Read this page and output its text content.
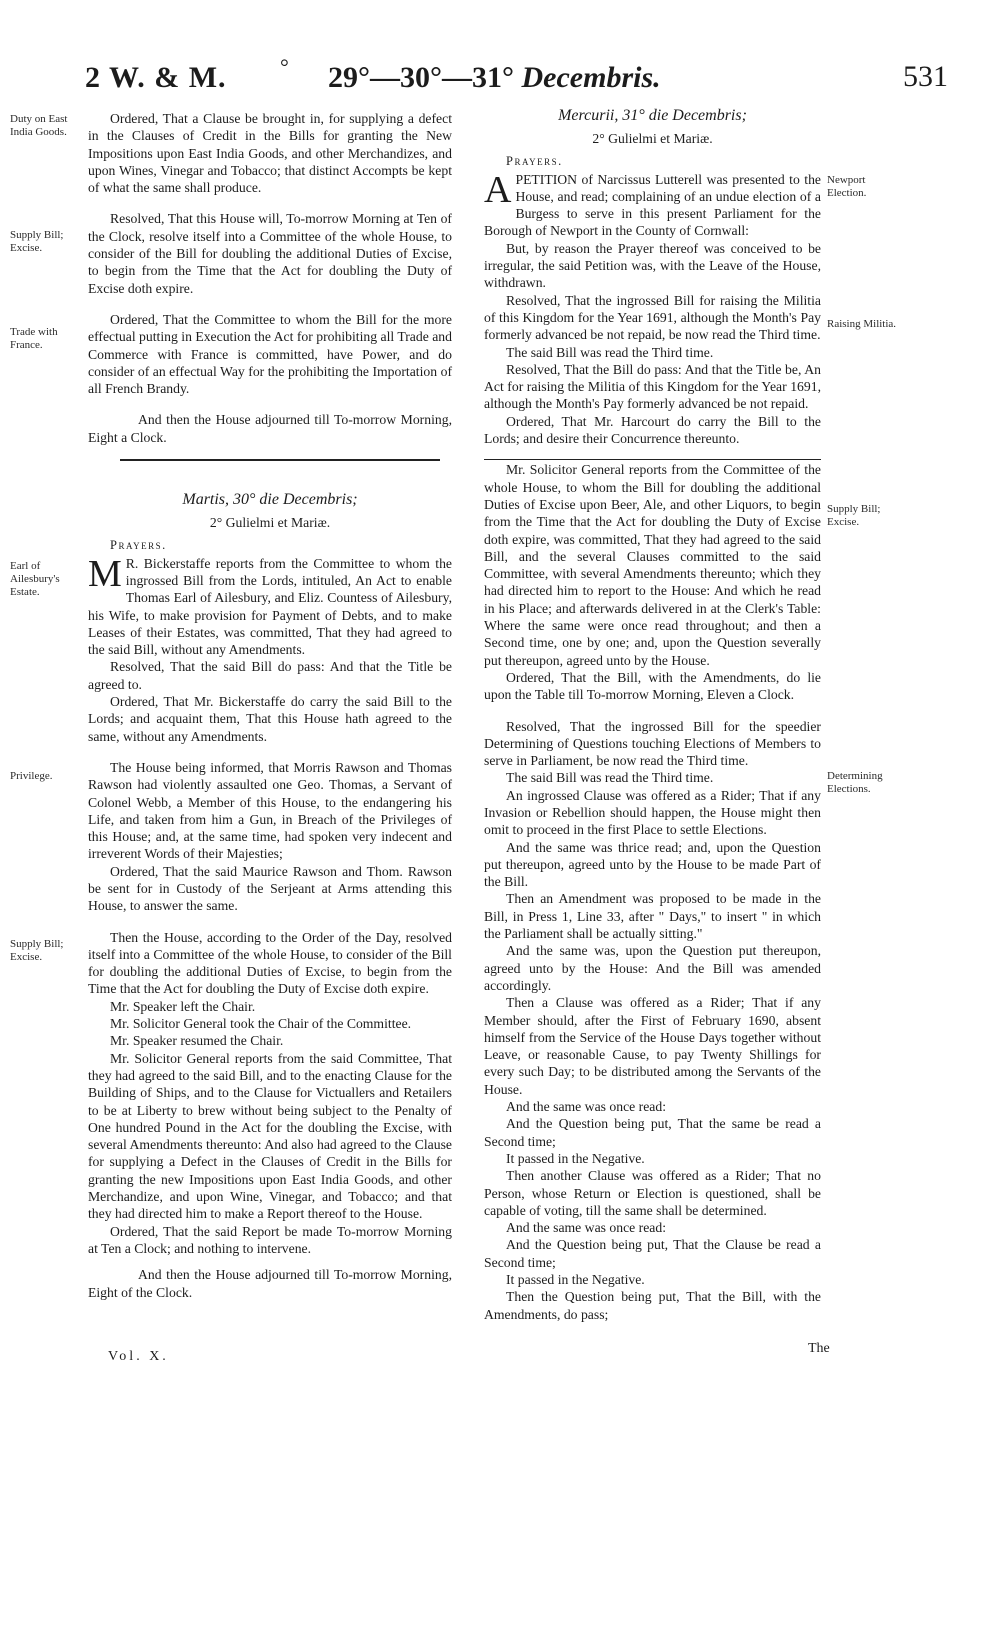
2 W. & M. ° 29°—30°—31° Decembris.	531
Duty on East India Goods.
Supply Bill; Excise.
Trade with France.
Earl of Ailesbury's Estate.
Privilege.
Supply Bill; Excise.
Newport Election.
Raising Militia.
Supply Bill; Excise.
Determining Elections.

Ordered, That a Clause be brought in, for supplying a defect in the Clauses of Credit in the Bills for granting the New Impositions upon East India Goods, and other Merchandizes, and upon Wines, Vinegar and Tobacco; that distinct Accompts be kept of what the same shall produce.

Resolved, That this House will, To-morrow Morning at Ten of the Clock, resolve itself into a Committee of the whole House, to consider of the Bill for doubling the additional Duties of Excise, to begin from the Time that the Act for doubling the Duty of Excise doth expire.

Ordered, That the Committee to whom the Bill for the more effectual putting in Execution the Act for prohibiting all Trade and Commerce with France is committed, have Power, and do consider of an effectual Way for the prohibiting the Importation of all French Brandy.

And then the House adjourned till To-morrow Morning, Eight a Clock.

Martis, 30° die Decembris;

2° Gulielmi et Mariæ.

Prayers.

M R. Bickerstaffe reports from the Committee to whom the ingrossed Bill from the Lords, intituled, An Act to enable Thomas Earl of Ailesbury, and Eliz. Countess of Ailesbury, his Wife, to make provision for Payment of Debts, and to make Leases of their Estates, was committed, That they had agreed to the said Bill, without any Amendments.

Resolved, That the said Bill do pass: And that the Title be agreed to.

Ordered, That Mr. Bickerstaffe do carry the said Bill to the Lords; and acquaint them, That this House hath agreed to the same, without any Amendments.

The House being informed, that Morris Rawson and Thomas Rawson had violently assaulted one Geo. Thomas, a Servant of Colonel Webb, a Member of this House, to the endangering his Life, and taken from him a Gun, in Breach of the Privileges of this House; and, at the same time, had spoken very indecent and irreverent Words of their Majesties;

Ordered, That the said Maurice Rawson and Thom. Rawson be sent for in Custody of the Serjeant at Arms attending this House, to answer the same.

Then the House, according to the Order of the Day, resolved itself into a Committee of the whole House, to consider of the Bill for doubling the additional Duties of Excise, to begin from the Time that the Act for doubling the Duty of Excise doth expire.

Mr. Speaker left the Chair.

Mr. Solicitor General took the Chair of the Committee.

Mr. Speaker resumed the Chair.

Mr. Solicitor General reports from the said Committee, That they had agreed to the said Bill, and to the enacting Clause for the Building of Ships, and to the Clause for Victuallers and Retailers to be at Liberty to brew without being subject to the Penalty of One hundred Pound in the Act for the doubling the Excise, with several Amendments thereunto: And also had agreed to the Clause for supplying a Defect in the Clauses of Credit in the Bills for granting the new Impositions upon East India Goods, and other Merchandize, and upon Wine, Vinegar, and Tobacco; and that they had directed him to make a Report thereof to the House.

Ordered, That the said Report be made To-morrow Morning at Ten a Clock; and nothing to intervene.

And then the House adjourned till To-morrow Morning, Eight of the Clock.

Mercurii, 31° die Decembris;

2° Gulielmi et Mariæ.

Prayers.

APETITION of Narcissus Lutterell was presented to the House, and read; complaining of an undue election of a Burgess to serve in this present Parliament for the Borough of Newport in the County of Cornwall:

But, by reason the Prayer thereof was conceived to be irregular, the said Petition was, with the Leave of the House, withdrawn.

Resolved, That the ingrossed Bill for raising the Militia of this Kingdom for the Year 1691, although the Month's Pay formerly advanced be not repaid, be now read the Third time.

The said Bill was read the Third time.

Resolved, That the Bill do pass: And that the Title be, An Act for raising the Militia of this Kingdom for the Year 1691, although the Month's Pay formerly advanced be not repaid.

Ordered, That Mr. Harcourt do carry the Bill to the Lords; and desire their Concurrence thereunto.

Mr. Solicitor General reports from the Committee of the whole House, to whom the Bill for doubling the additional Duties of Excise upon Beer, Ale, and other Liquors, to begin from the Time that the Act for doubling the Duty of Excise doth expire, was committed, That they had agreed to the said Bill, and the several Clauses committed to the said Committee, with several Amendments thereunto; which they had directed him to report to the House: And which he read in his Place; and afterwards delivered in at the Clerk's Table: Where the same were once read throughout; and then a Second time, one by one; and, upon the Question severally put thereupon, agreed unto by the House.

Ordered, That the Bill, with the Amendments, do lie upon the Table till To-morrow Morning, Eleven a Clock.

Resolved, That the ingrossed Bill for the speedier Determining of Questions touching Elections of Members to serve in Parliament, be now read the Third time.

The said Bill was read the Third time.

An ingrossed Clause was offered as a Rider; That if any Invasion or Rebellion should happen, the House might then omit to proceed in the first Place to settle Elections.

And the same was thrice read; and, upon the Question put thereupon, agreed unto by the House to be made Part of the Bill.

Then an Amendment was proposed to be made in the Bill, in Press 1, Line 33, after " Days," to insert " in which the Parliament shall be actually sitting."

And the same was, upon the Question put thereupon, agreed unto by the House: And the Bill was amended accordingly.

Then a Clause was offered as a Rider; That if any Member should, after the First of February 1690, absent himself from the Service of the House Days together without Leave, or reasonable Cause, to pay Twenty Shillings for every such Day; to be distributed among the Servants of the House.

And the same was once read:

And the Question being put, That the same be read a Second time;

It passed in the Negative.

Then another Clause was offered as a Rider; That no Person, whose Return or Election is questioned, shall be capable of voting, till the same shall be determined.

And the same was once read:

And the Question being put, That the Clause be read a Second time;

It passed in the Negative.

Then the Question being put, That the Bill, with the Amendments, do pass;

Vol. X.
The
